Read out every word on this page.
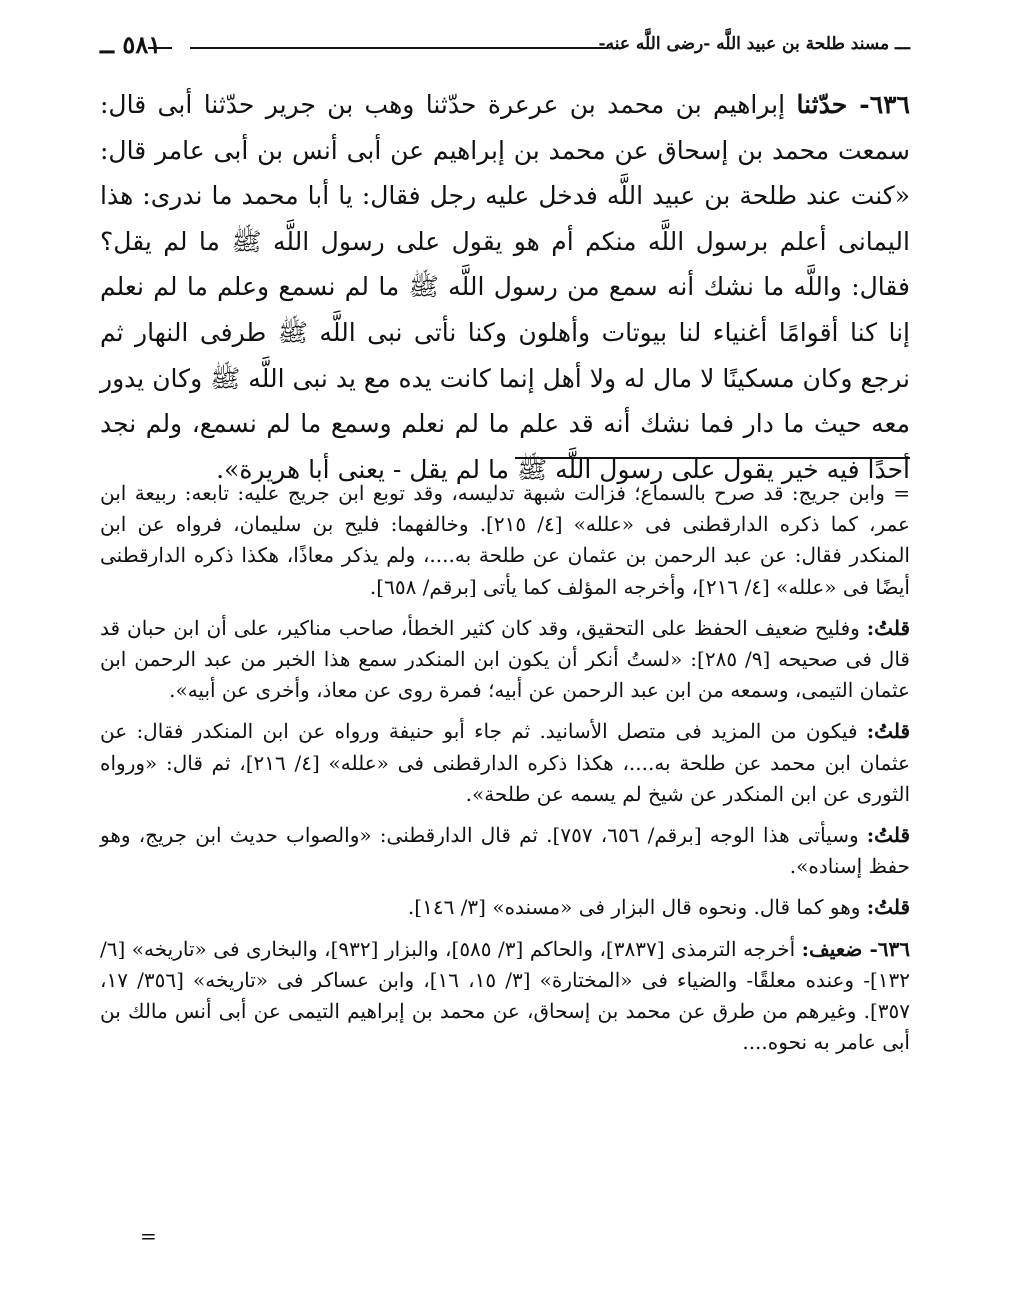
ـــ مسند طلحة بن عبيد اللَّه -رضى اللَّه عنه-
٥٨١ ــ

٦٣٦- حدّثنا إبراهيم بن محمد بن عرعرة حدّثنا وهب بن جرير حدّثنا أبى قال: سمعت محمد بن إسحاق عن محمد بن إبراهيم عن أبى أنس بن أبى عامر قال: «كنت عند طلحة بن عبيد اللَّه فدخل عليه رجل فقال: يا أبا محمد ما ندرى: هذا اليمانى أعلم برسول اللَّه منكم أم هو يقول على رسول اللَّه ﷺ ما لم يقل؟ فقال: واللَّه ما نشك أنه سمع من رسول اللَّه ﷺ ما لم نسمع وعلم ما لم نعلم إنا كنا أقوامًا أغنياء لنا بيوتات وأهلون وكنا نأتى نبى اللَّه ﷺ طرفى النهار ثم نرجع وكان مسكينًا لا مال له ولا أهل إنما كانت يده مع يد نبى اللَّه ﷺ وكان يدور معه حيث ما دار فما نشك أنه قد علم ما لم نعلم وسمع ما لم نسمع، ولم نجد أحدًا فيه خير يقول على رسول اللَّه ﷺ ما لم يقل - يعنى أبا هريرة».

= وابن جريج: قد صرح بالسماع؛ فزالت شبهة تدليسه، وقد توبع ابن جريج عليه: تابعه: ربيعة ابن عمر، كما ذكره الدارقطنى فى «علله» [٤/ ٢١٥]. وخالفهما: فليح بن سليمان، فرواه عن ابن المنكدر فقال: عن عبد الرحمن بن عثمان عن طلحة به....، ولم يذكر معاذًا، هكذا ذكره الدارقطنى أيضًا فى «علله» [٤/ ٢١٦]، وأخرجه المؤلف كما يأتى [برقم/ ٦٥٨].

قلتُ: وفليح ضعيف الحفظ على التحقيق، وقد كان كثير الخطأ، صاحب مناكير، على أن ابن حبان قد قال فى صحيحه [٩/ ٢٨٥]: «لستُ أنكر أن يكون ابن المنكدر سمع هذا الخبر من عبد الرحمن ابن عثمان التيمى، وسمعه من ابن عبد الرحمن عن أبيه؛ فمرة روى عن معاذ، وأخرى عن أبيه».

قلتُ: فيكون من المزيد فى متصل الأسانيد. ثم جاء أبو حنيفة ورواه عن ابن المنكدر فقال: عن عثمان ابن محمد عن طلحة به....، هكذا ذكره الدارقطنى فى «علله» [٤/ ٢١٦]، ثم قال: «ورواه الثورى عن ابن المنكدر عن شيخ لم يسمه عن طلحة».

قلتُ: وسيأتى هذا الوجه [برقم/ ٦٥٦، ٧٥٧]. ثم قال الدارقطنى: «والصواب حديث ابن جريج، وهو حفظ إسناده».

قلتُ: وهو كما قال. ونحوه قال البزار فى «مسنده» [٣/ ١٤٦].

٦٣٦- ضعيف: أخرجه الترمذى [٣٨٣٧]، والحاكم [٣/ ٥٨٥]، والبزار [٩٣٢]، والبخارى فى «تاريخه» [٦/ ١٣٢]- وعنده معلقًا- والضياء فى «المختارة» [٣/ ١٥، ١٦]، وابن عساكر فى «تاريخه» [٣٥٦/ ١٧، ٣٥٧]. وغيرهم من طرق عن محمد بن إسحاق، عن محمد بن إبراهيم التيمى عن أبى أنس مالك بن أبى عامر به نحوه....

=
